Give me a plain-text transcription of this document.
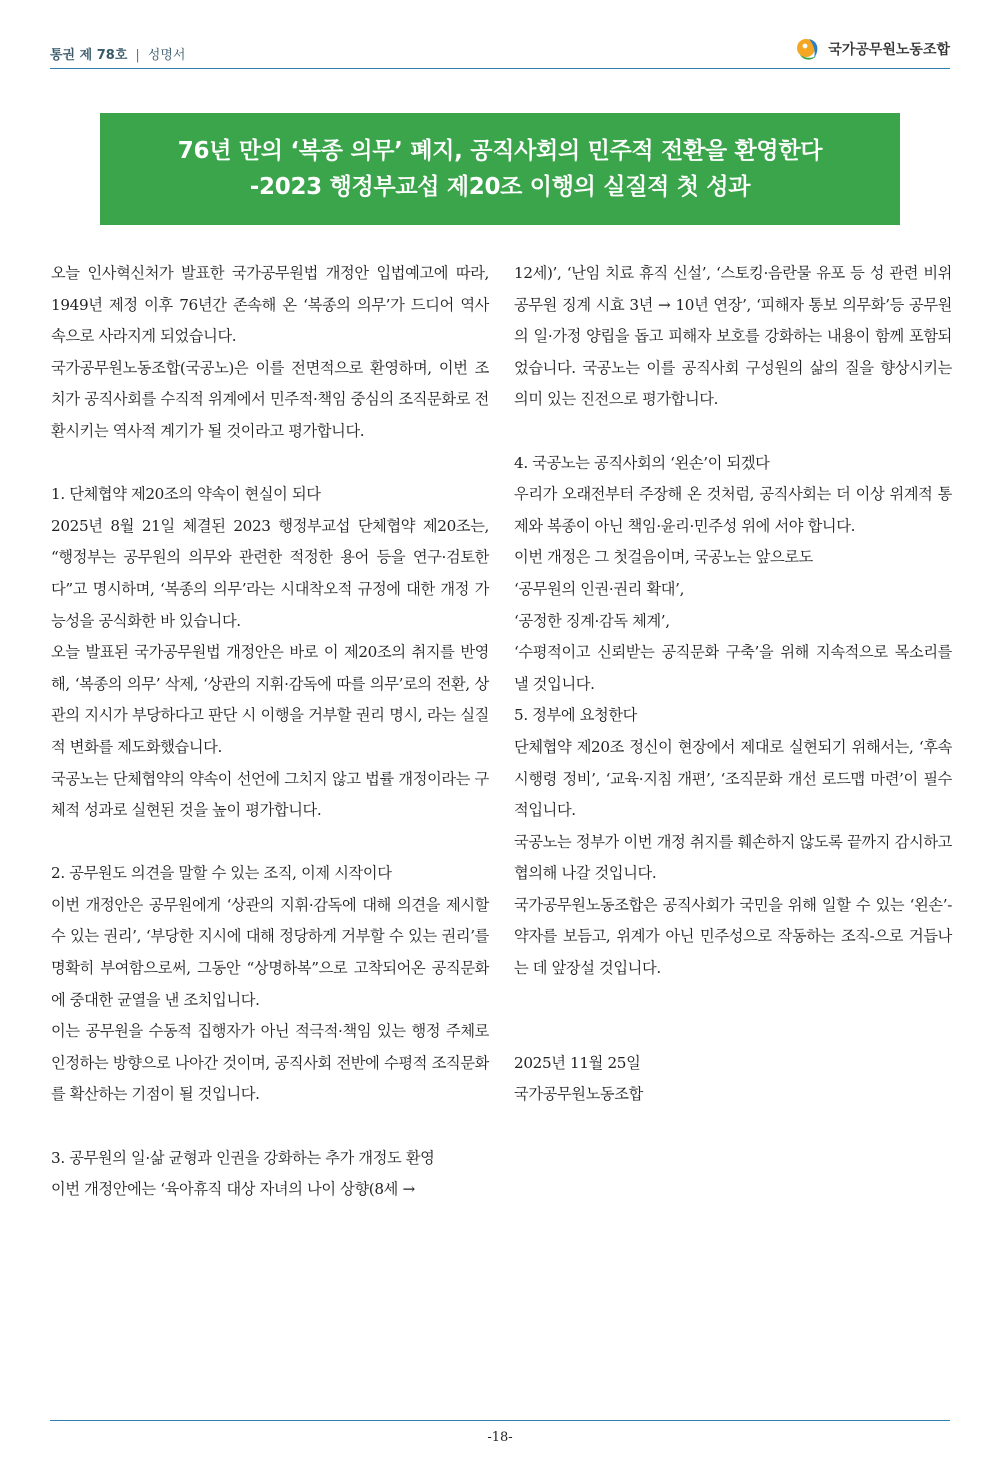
통권 제 78호 | 성명서	국가공무원노동조합
76년 만의 ‘복종 의무’ 폐지, 공직사회의 민주적 전환을 환영한다
-2023 행정부교섭 제20조 이행의 실질적 첫 성과

오늘 인사혁신처가 발표한 국가공무원법 개정안 입법예고에 따라, 1949년 제정 이후 76년간 존속해 온 ‘복종의 의무’가 드디어 역사 속으로 사라지게 되었습니다.

국가공무원노동조합(국공노)은 이를 전면적으로 환영하며, 이번 조치가 공직사회를 수직적 위계에서 민주적·책임 중심의 조직문화로 전환시키는 역사적 계기가 될 것이라고 평가합니다.

1. 단체협약 제20조의 약속이 현실이 되다

2025년 8월 21일 체결된 2023 행정부교섭 단체협약 제20조는, “행정부는 공무원의 의무와 관련한 적정한 용어 등을 연구·검토한다”고 명시하며, ‘복종의 의무’라는 시대착오적 규정에 대한 개정 가능성을 공식화한 바 있습니다.

오늘 발표된 국가공무원법 개정안은 바로 이 제20조의 취지를 반영해, ‘복종의 의무’ 삭제, ‘상관의 지휘·감독에 따를 의무’로의 전환, 상관의 지시가 부당하다고 판단 시 이행을 거부할 권리 명시, 라는 실질적 변화를 제도화했습니다.

국공노는 단체협약의 약속이 선언에 그치지 않고 법률 개정이라는 구체적 성과로 실현된 것을 높이 평가합니다.

2. 공무원도 의견을 말할 수 있는 조직, 이제 시작이다

이번 개정안은 공무원에게 ‘상관의 지휘·감독에 대해 의견을 제시할 수 있는 권리’, ‘부당한 지시에 대해 정당하게 거부할 수 있는 권리’를 명확히 부여함으로써, 그동안 “상명하복”으로 고착되어온 공직문화에 중대한 균열을 낸 조치입니다.

이는 공무원을 수동적 집행자가 아닌 적극적·책임 있는 행정 주체로 인정하는 방향으로 나아간 것이며, 공직사회 전반에 수평적 조직문화를 확산하는 기점이 될 것입니다.

3. 공무원의 일·삶 균형과 인권을 강화하는 추가 개정도 환영

이번 개정안에는 ‘육아휴직 대상 자녀의 나이 상향(8세 →

12세)’, ‘난임 치료 휴직 신설’, ‘스토킹·음란물 유포 등 성 관련 비위 공무원 징계 시효 3년 → 10년 연장’, ‘피해자 통보 의무화’등 공무원의 일·가정 양립을 돕고 피해자 보호를 강화하는 내용이 함께 포함되었습니다. 국공노는 이를 공직사회 구성원의 삶의 질을 향상시키는 의미 있는 진전으로 평가합니다.

4. 국공노는 공직사회의 ‘왼손’이 되겠다

우리가 오래전부터 주장해 온 것처럼, 공직사회는 더 이상 위계적 통제와 복종이 아닌 책임·윤리·민주성 위에 서야 합니다.

이번 개정은 그 첫걸음이며, 국공노는 앞으로도

‘공무원의 인권·권리 확대’,

‘공정한 징계·감독 체계’,

‘수평적이고 신뢰받는 공직문화 구축’을 위해 지속적으로 목소리를 낼 것입니다.

5. 정부에 요청한다

단체협약 제20조 정신이 현장에서 제대로 실현되기 위해서는, ‘후속 시행령 정비’, ‘교육·지침 개편’, ‘조직문화 개선 로드맵 마련’이 필수적입니다.

국공노는 정부가 이번 개정 취지를 훼손하지 않도록 끝까지 감시하고 협의해 나갈 것입니다.

국가공무원노동조합은 공직사회가 국민을 위해 일할 수 있는 ‘왼손’-약자를 보듬고, 위계가 아닌 민주성으로 작동하는 조직-으로 거듭나는 데 앞장설 것입니다.

2025년 11월 25일

국가공무원노동조합

-18-
